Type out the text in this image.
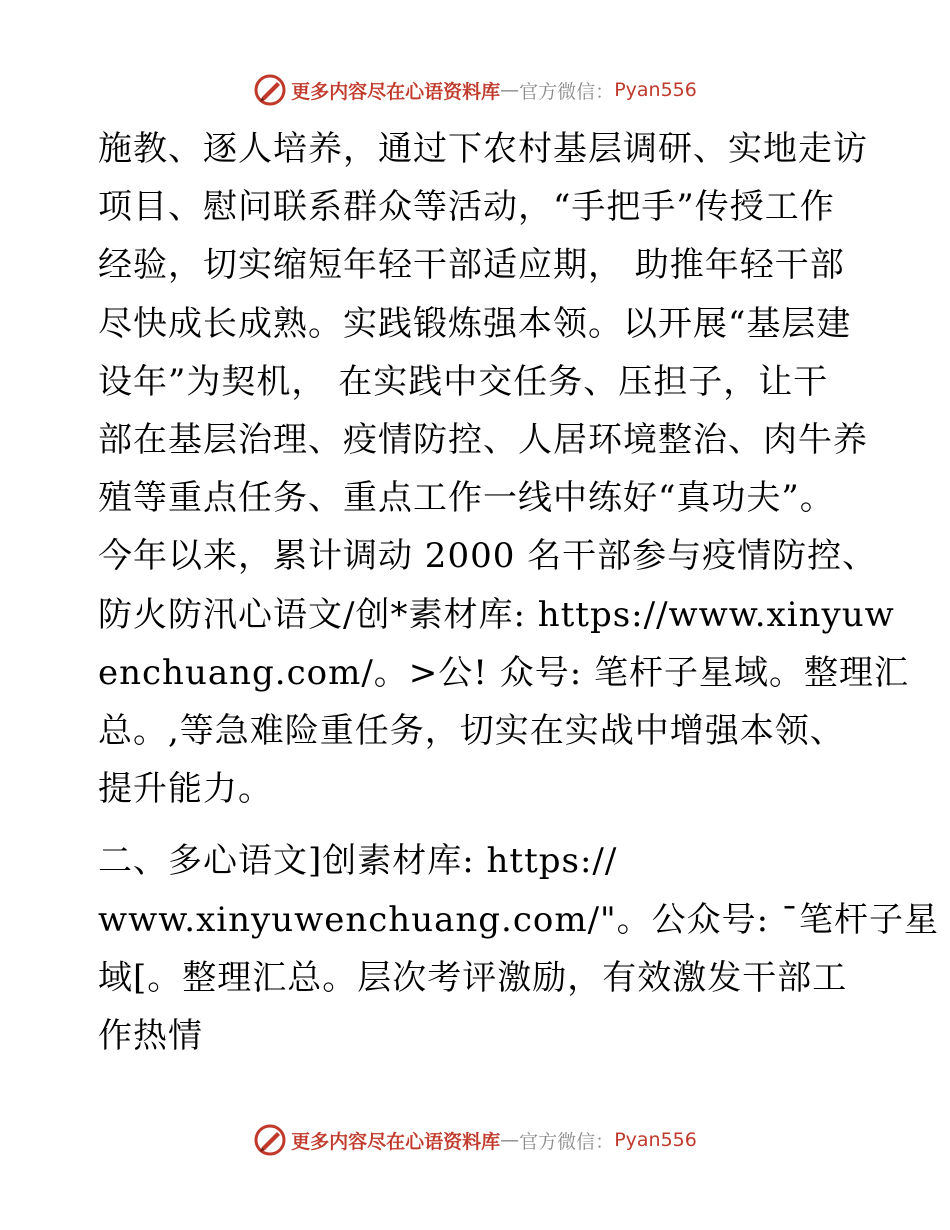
更多内容尽在心语资料库 — 官方微信： Pyan556

施教、逐人培养，通过下农村基层调研、实地走访
项目、慰问联系群众等活动，“手把手”传授工作
经验，切实缩短年轻干部适应期， 助推年轻干部
尽快成长成熟。实践锻炼强本领。以开展“基层建
设年”为契机， 在实践中交任务、压担子，让干
部在基层治理、疫情防控、人居环境整治、肉牛养
殖等重点任务、重点工作一线中练好“真功夫”。
今年以来，累计调动 2000 名干部参与疫情防控、
防火防汛心语文/创*素材库: https://www.xinyuw
enchuang.com/。>公! 众号: 笔杆子星域。整理汇
总。,等急难险重任务，切实在实战中增强本领、
提升能力。

二、多心语文]创素材库: https://
www.xinyuwenchuang.com/"。公众号: ¯笔杆子星
域[。整理汇总。层次考评激励，有效激发干部工
作热情

更多内容尽在心语资料库 — 官方微信： Pyan556
